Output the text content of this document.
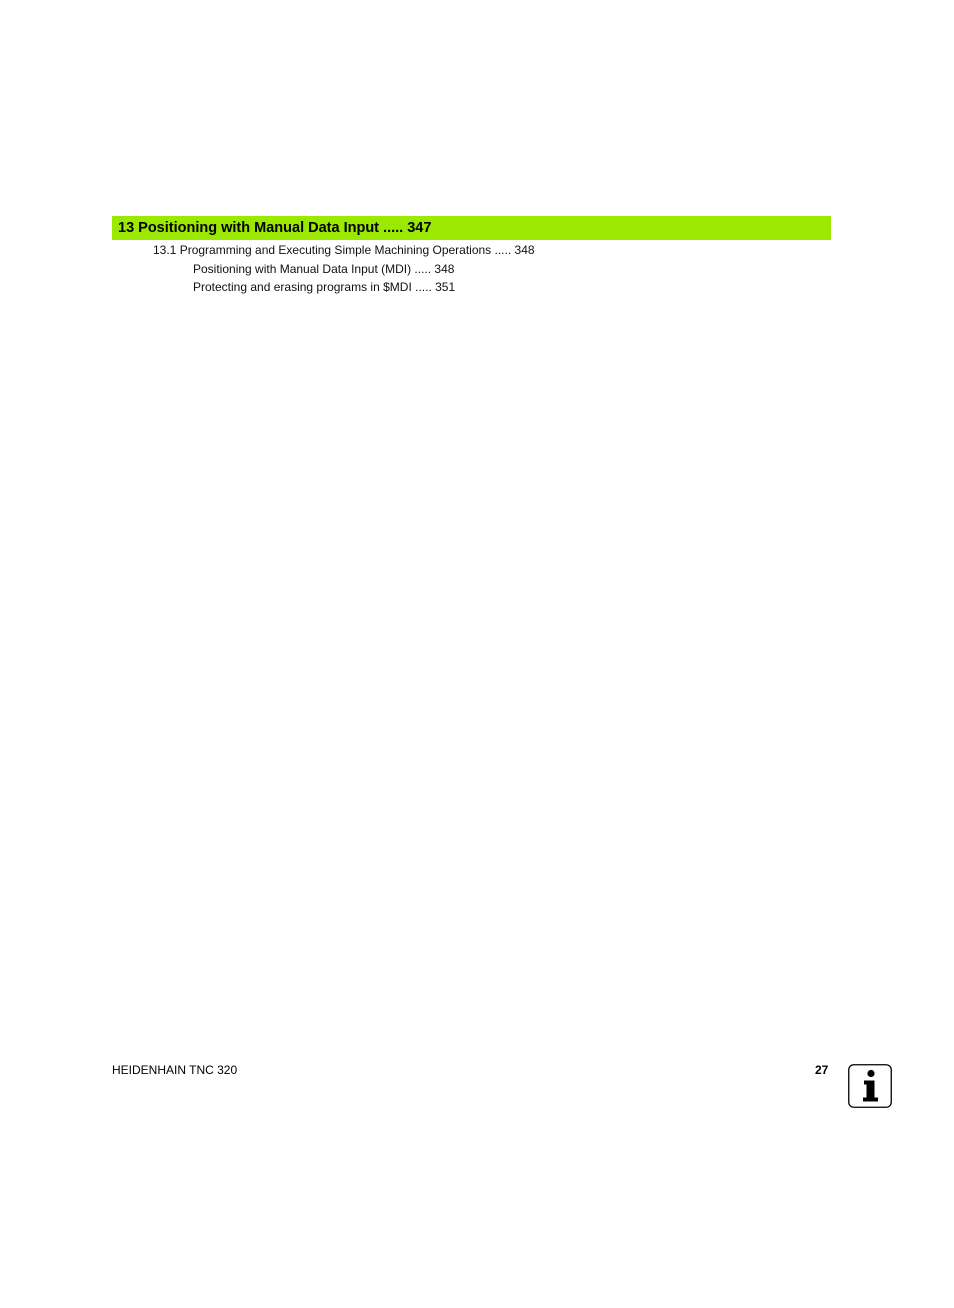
13 Positioning with Manual Data Input ..... 347
13.1 Programming and Executing Simple Machining Operations ..... 348
Positioning with Manual Data Input (MDI) ..... 348
Protecting and erasing programs in $MDI ..... 351
HEIDENHAIN TNC 320	27
